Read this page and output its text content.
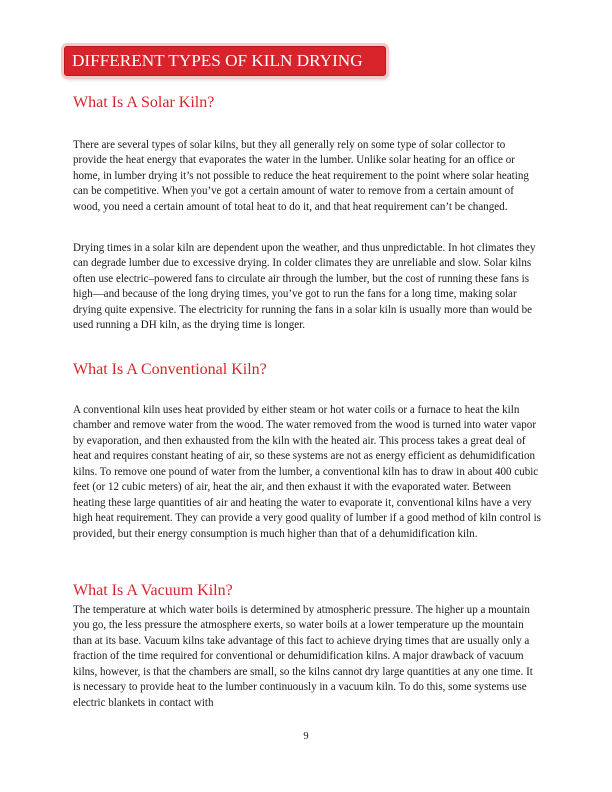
DIFFERENT TYPES OF KILN DRYING
What Is A Solar Kiln?

There are several types of solar kilns, but they all generally rely on some type of solar collector to provide the heat energy that evaporates the water in the lumber. Unlike solar heating for an office or home, in lumber drying it’s not possible to reduce the heat requirement to the point where solar heating can be competitive. When you’ve got a certain amount of water to remove from a certain amount of wood, you need a certain amount of total heat to do it, and that heat requirement can’t be changed.

Drying times in a solar kiln are dependent upon the weather, and thus unpredictable. In hot climates they can degrade lumber due to excessive drying. In colder climates they are unreliable and slow. Solar kilns often use electric–powered fans to circulate air through the lumber, but the cost of running these fans is high—and because of the long drying times, you’ve got to run the fans for a long time, making solar drying quite expensive. The electricity for running the fans in a solar kiln is usually more than would be used running a DH kiln, as the drying time is longer.

What Is A Conventional Kiln?

A conventional kiln uses heat provided by either steam or hot water coils or a furnace to heat the kiln chamber and remove water from the wood. The water removed from the wood is turned into water vapor by evaporation, and then exhausted from the kiln with the heated air. This process takes a great deal of heat and requires constant heating of air, so these systems are not as energy efficient as dehumidification kilns. To remove one pound of water from the lumber, a conventional kiln has to draw in about 400 cubic feet (or 12 cubic meters) of air, heat the air, and then exhaust it with the evaporated water. Between heating these large quantities of air and heating the water to evaporate it, conventional kilns have a very high heat requirement. They can provide a very good quality of lumber if a good method of kiln control is provided, but their energy consumption is much higher than that of a dehumidification kiln.

What Is A Vacuum Kiln?

The temperature at which water boils is determined by atmospheric pressure. The higher up a mountain you go, the less pressure the atmosphere exerts, so water boils at a lower temperature up the mountain than at its base. Vacuum kilns take advantage of this fact to achieve drying times that are usually only a fraction of the time required for conventional or dehumidification kilns. A major drawback of vacuum kilns, however, is that the chambers are small, so the kilns cannot dry large quantities at any one time. It is necessary to provide heat to the lumber continuously in a vacuum kiln. To do this, some systems use electric blankets in contact with

9
